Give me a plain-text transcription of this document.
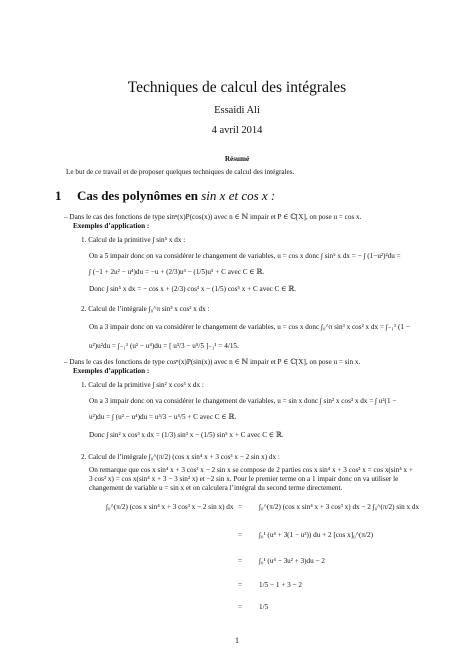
Techniques de calcul des intégrales
Essaidi Ali
4 avril 2014
Résumé
Le but de ce travail et de proposer quelques techniques de calcul des intégrales.
1 Cas des polynômes en sin x et cos x :
– Dans le cas des fonctions de type sinⁿ(x)P(cos(x)) avec n ∈ ℕ impair et P ∈ ℂ[X], on pose u = cos x.
Exemples d’application :
1. Calcul de la primitive ∫ sin⁵ x dx :
On a 5 impair donc on va considérer le changement de variables, u = cos x donc ∫ sin⁵ x dx = − ∫ (1−u²)²du =
∫ (−1 + 2u² − u⁴)du = −u + (2/3)u³ − (1/5)u⁵ + C avec C ∈ ℝ.
Donc ∫ sin⁵ x dx = − cos x + (2/3) cos³ x − (1/5) cos⁵ x + C avec C ∈ ℝ.
2. Calcul de l’intégrale ∫₀^π sin³ x cos² x dx :
On a 3 impair donc on va considérer le changement de variables, u = cos x donc ∫₀^π sin³ x cos² x dx = ∫₋₁¹ (1 −
u²)u²du = ∫₋₁¹ (u² − u⁴)du = [ u³/3 − u⁵/5 ]₋₁¹ = 4/15.
– Dans le cas des fonctions de type cosⁿ(x)P(sin(x)) avec n ∈ ℕ impair et P ∈ ℂ[X], on pose u = sin x.
Exemples d’application :
1. Calcul de la primitive ∫ sin² x cos³ x dx :
On a 3 impair donc on va considérer le changement de variables, u = sin x donc ∫ sin² x cos³ x dx = ∫ u²(1 −
u²)du = ∫ (u² − u⁴)du = u³/3 − u⁵/5 + C avec C ∈ ℝ.
Donc ∫ sin² x cos³ x dx = (1/3) sin³ x − (1/5) sin⁵ x + C avec C ∈ ℝ.
2. Calcul de l’intégrale ∫₀^(π/2) (cos x sin⁴ x + 3 cos³ x − 2 sin x) dx :
On remarque que cos x sin⁴ x + 3 cos³ x − 2 sin x se compose de 2 parties cos x sin⁴ x + 3 cos³ x = cos x(sin⁴ x +
3 cos² x) = cos x(sin⁴ x + 3 − 3 sin² x) et −2 sin x. Pour le premier terme on a 1 impair donc on va utiliser le
changement de variable u = sin x et on calculera l’intégral du second terme directement.
∫₀^(π/2) (cos x sin⁴ x + 3 cos³ x − 2 sin x) dx = ∫₀^(π/2) (cos x sin⁴ x + 3 cos³ x) dx − 2 ∫₀^(π/2) sin x dx
= ∫₀¹ (u⁴ + 3(1 − u²)) du + 2 [cos x]₀^(π/2)
= ∫₀¹ (u⁴ − 3u² + 3)du − 2
= 1/5 − 1 + 3 − 2
= 1/5
1
